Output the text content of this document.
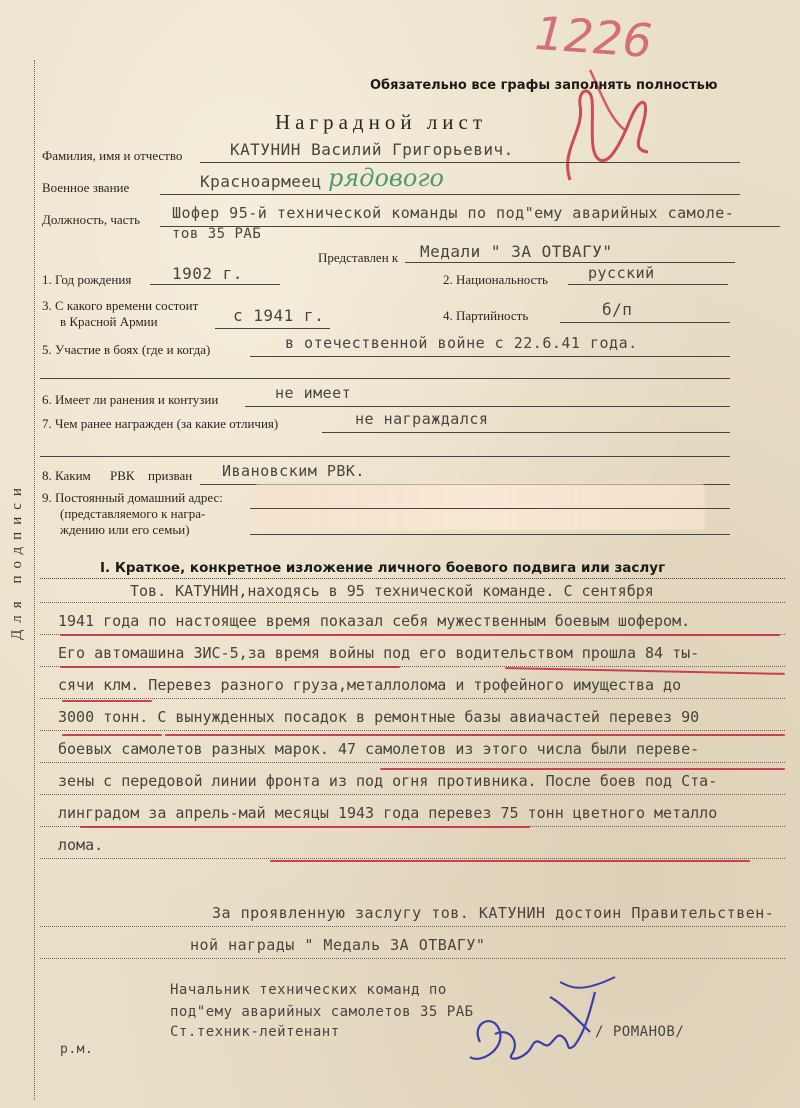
Для подписи
1226
Обязательно все графы заполнять полностью
Наградной лист
Фамилия, имя и отчество	КАТУНИН Василий Григорьевич.
Военное звание	Красноармеец рядового
Должность, часть Шофер 95-й технической команды по под"ему аварийных самоле-
тов 35 РАБ
Представлен к Медали " ЗА ОТВАГУ"
1. Год рождения	1902 г.	2. Национальность	русский
3. С какого времени состоит
в Красной Армии	с 1941 г.	4. Партийность	б/п
5. Участие в боях (где и когда)	в отечественной войне с 22.6.41 года.
6. Имеет ли ранения и контузии	не имеет
7. Чем ранее награжден (за какие отличия)	не награждался
8. Каким РВК призван Ивановским РВК.
9. Постоянный домашний адрес:
(представляемого к награ-
ждению или его семьи)
I. Краткое, конкретное изложение личного боевого подвига или заслуг
Тов. КАТУНИН,находясь в 95 технической команде. С сентября
1941 года по настоящее время показал себя мужественным боевым шофером.
Его автомашина ЗИС-5,за время войны под его водительством прошла 84 ты-
сячи клм. Перевез разного груза,металлолома и трофейного имущества до
3000 тонн. С вынужденных посадок в ремонтные базы авиачастей перевез 90
боевых самолетов разных марок. 47 самолетов из этого числа были переве-
зены с передовой линии фронта из под огня противника. После боев под Ста-
линградом за апрель-май месяцы 1943 года перевез 75 тонн цветного металло
лома.
За проявленную заслугу тов. КАТУНИН достоин Правительствен-
ной награды " Медаль ЗА ОТВАГУ"
Начальник технических команд по
под"ему аварийных самолетов 35 РАБ
Ст.техник-лейтенант	/ РОМАНОВ/
р.м.
